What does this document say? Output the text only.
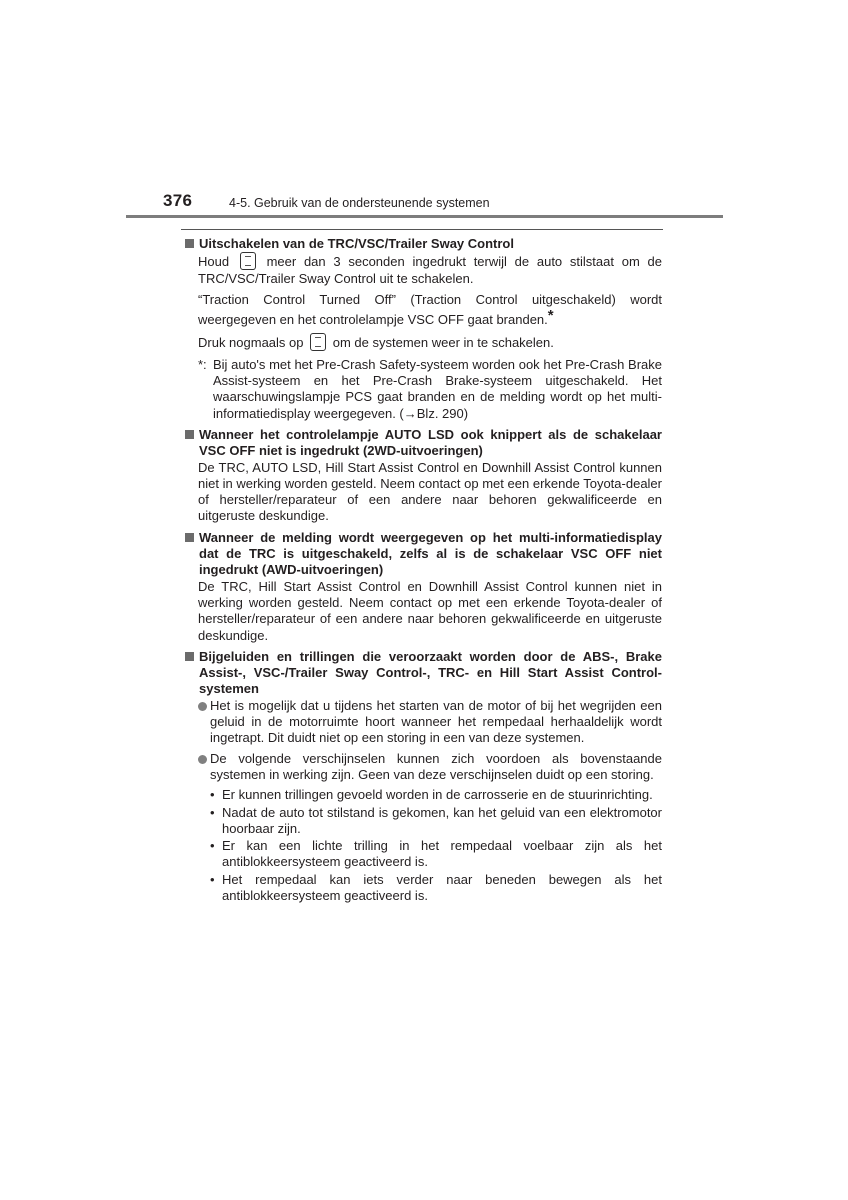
376	4-5. Gebruik van de ondersteunende systemen
Uitschakelen van de TRC/VSC/Trailer Sway Control
Houd	meer dan 3 seconden ingedrukt terwijl de auto stilstaat om de TRC/VSC/Trailer Sway Control uit te schakelen.
“Traction Control Turned Off” (Traction Control uitgeschakeld) wordt weergegeven en het controlelampje VSC OFF gaat branden.*
Druk nogmaals op om de systemen weer in te schakelen.
*: Bij auto's met het Pre-Crash Safety-systeem worden ook het Pre-Crash Brake Assist-systeem en het Pre-Crash Brake-systeem uitgeschakeld. Het waarschuwingslampje PCS gaat branden en de melding wordt op het multi-informatiedisplay weergegeven. (→Blz. 290)
Wanneer het controlelampje AUTO LSD ook knippert als de schakelaar VSC OFF niet is ingedrukt (2WD-uitvoeringen)
De TRC, AUTO LSD, Hill Start Assist Control en Downhill Assist Control kunnen niet in werking worden gesteld. Neem contact op met een erkende Toyota-dealer of hersteller/reparateur of een andere naar behoren gekwalificeerde en uitgeruste deskundige.
Wanneer de melding wordt weergegeven op het multi-informatiedisplay dat de TRC is uitgeschakeld, zelfs al is de schakelaar VSC OFF niet ingedrukt (AWD-uitvoeringen)
De TRC, Hill Start Assist Control en Downhill Assist Control kunnen niet in werking worden gesteld. Neem contact op met een erkende Toyota-dealer of hersteller/reparateur of een andere naar behoren gekwalificeerde en uitgeruste deskundige.
Bijgeluiden en trillingen die veroorzaakt worden door de ABS-, Brake Assist-, VSC-/Trailer Sway Control-, TRC- en Hill Start Assist Control-systemen
Het is mogelijk dat u tijdens het starten van de motor of bij het wegrijden een geluid in de motorruimte hoort wanneer het rempedaal herhaaldelijk wordt ingetrapt. Dit duidt niet op een storing in een van deze systemen.
De volgende verschijnselen kunnen zich voordoen als bovenstaande systemen in werking zijn. Geen van deze verschijnselen duidt op een storing.
• Er kunnen trillingen gevoeld worden in de carrosserie en de stuurinrichting.
• Nadat de auto tot stilstand is gekomen, kan het geluid van een elektromotor hoorbaar zijn.
• Er kan een lichte trilling in het rempedaal voelbaar zijn als het antiblokkeersysteem geactiveerd is.
• Het rempedaal kan iets verder naar beneden bewegen als het antiblokkeersysteem geactiveerd is.
